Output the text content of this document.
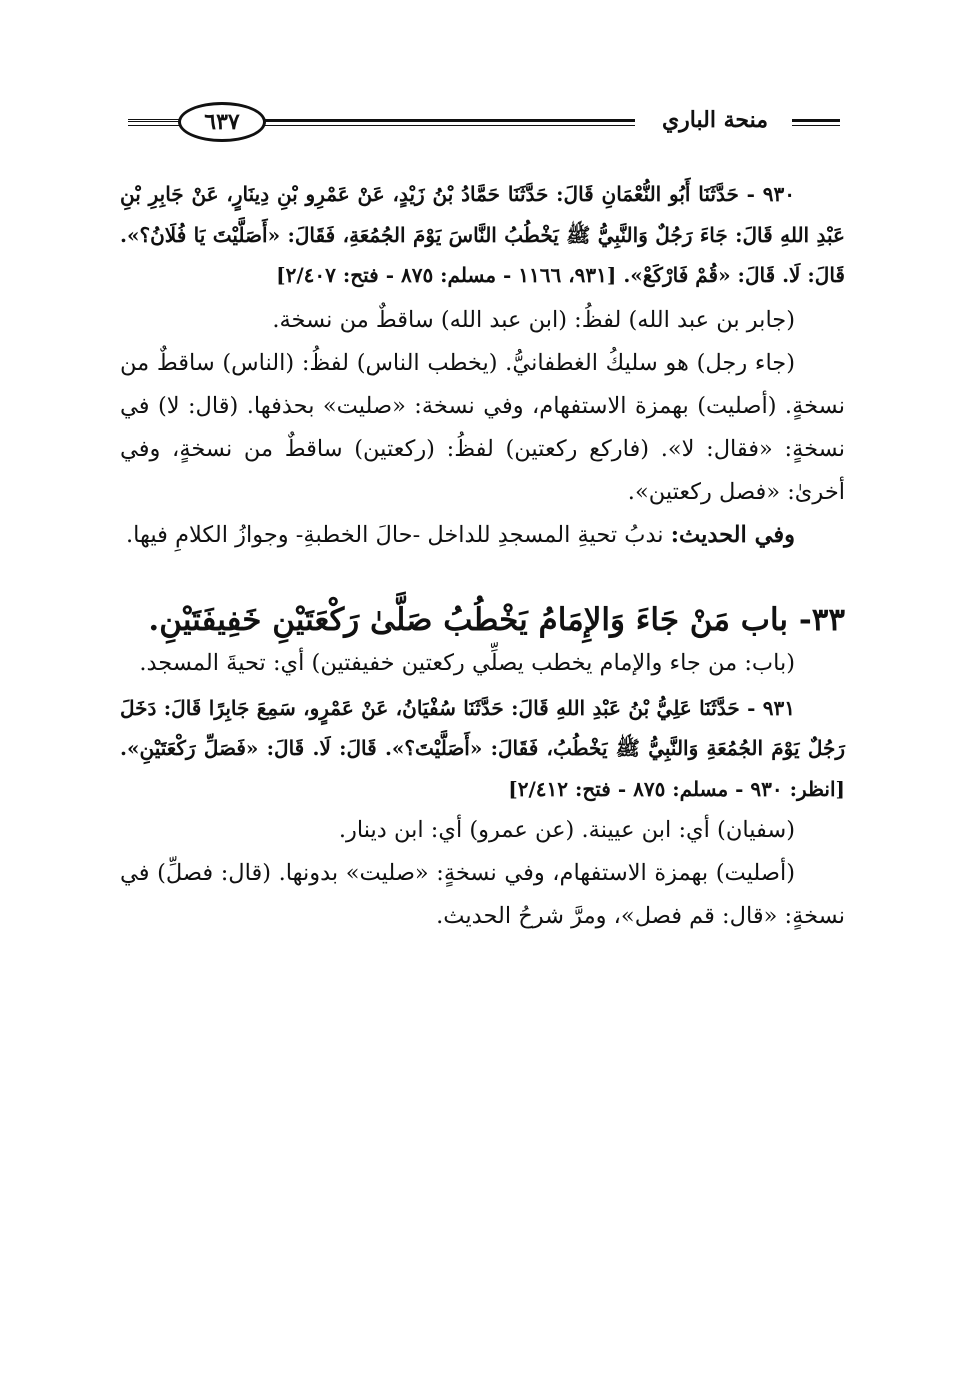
٦٣٧	منحة الباري

٩٣٠ - حَدَّثَنَا أَبُو النُّعْمَانِ قَالَ: حَدَّثَنَا حَمَّادُ بْنُ زَيْدٍ، عَنْ عَمْرِو بْنِ دِينَارٍ، عَنْ جَابِرِ بْنِ عَبْدِ اللهِ قَالَ: جَاءَ رَجُلٌ وَالنَّبِيُّ ﷺ يَخْطُبُ النَّاسَ يَوْمَ الجُمُعَةِ، فَقَالَ: «أَصَلَّيْتَ يَا فُلَانُ؟». قَالَ: لَا. قَالَ: «قُمْ فَارْكَعْ». [٩٣١، ١١٦٦ - مسلم: ٨٧٥ - فتح: ٢/٤٠٧]

(جابر بن عبد الله) لفظُ: (ابن عبد الله) ساقطٌ من نسخة.

(جاء رجل) هو سليكُ الغطفانيُّ. (يخطب الناس) لفظُ: (الناس) ساقطٌ من نسخةٍ. (أصليت) بهمزة الاستفهام، وفي نسخة: «صليت» بحذفها. (قال: لا) في نسخةٍ: «فقال: لا». (فاركع ركعتين) لفظُ: (ركعتين) ساقطٌ من نسخةٍ، وفي أخرىٰ: «فصل ركعتين».

وفي الحديث: ندبُ تحيةِ المسجدِ للداخل -حالَ الخطبةِ- وجوازُ الكلامِ فيها.

٣٣- باب مَنْ جَاءَ وَالإِمَامُ يَخْطُبُ صَلَّىٰ رَكْعَتَيْنِ خَفِيفَتَيْنِ.

(باب: من جاء والإمام يخطب يصلِّي ركعتين خفيفتين) أي: تحيةَ المسجد.

٩٣١ - حَدَّثَنَا عَلِيُّ بْنُ عَبْدِ اللهِ قَالَ: حَدَّثَنَا سُفْيَانُ، عَنْ عَمْرٍو، سَمِعَ جَابِرًا قَالَ: دَخَلَ رَجُلٌ يَوْمَ الجُمُعَةِ وَالنَّبِيُّ ﷺ يَخْطُبُ، فَقَالَ: «أَصَلَّيْتَ؟». قَالَ: لَا. قَالَ: «فَصَلِّ رَكْعَتَيْنِ». [انظر: ٩٣٠ - مسلم: ٨٧٥ - فتح: ٢/٤١٢]

(سفيان) أي: ابن عيينة. (عن عمرو) أي: ابن دينار.

(أصليت) بهمزة الاستفهام، وفي نسخةٍ: «صليت» بدونها. (قال: فصلِّ) في نسخةٍ: «قال: قم فصل»، ومرَّ شرحُ الحديث.
